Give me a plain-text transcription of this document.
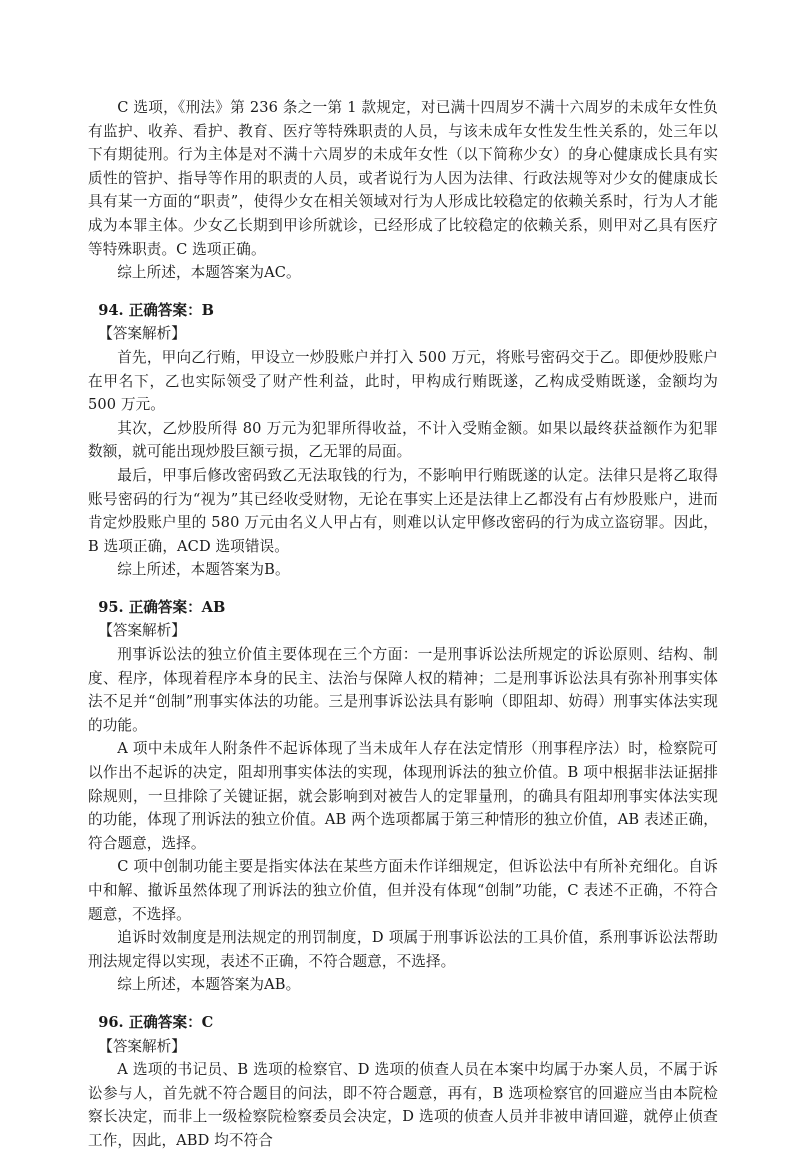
C 选项，《刑法》第 236 条之一第 1 款规定，对已满十四周岁不满十六周岁的未成年女性负有监护、收养、看护、教育、医疗等特殊职责的人员，与该未成年女性发生性关系的，处三年以下有期徒刑。行为主体是对不满十六周岁的未成年女性（以下简称少女）的身心健康成长具有实质性的管护、指导等作用的职责的人员，或者说行为人因为法律、行政法规等对少女的健康成长具有某一方面的“职责”，使得少女在相关领域对行为人形成比较稳定的依赖关系时，行为人才能成为本罪主体。少女乙长期到甲诊所就诊，已经形成了比较稳定的依赖关系，则甲对乙具有医疗等特殊职责。C 选项正确。

综上所述，本题答案为AC。

94. 正确答案：B

【答案解析】

首先，甲向乙行贿，甲设立一炒股账户并打入 500 万元，将账号密码交于乙。即便炒股账户在甲名下，乙也实际领受了财产性利益，此时，甲构成行贿既遂，乙构成受贿既遂，金额均为 500 万元。

其次，乙炒股所得 80 万元为犯罪所得收益，不计入受贿金额。如果以最终获益额作为犯罪数额，就可能出现炒股巨额亏损，乙无罪的局面。

最后，甲事后修改密码致乙无法取钱的行为，不影响甲行贿既遂的认定。法律只是将乙取得账号密码的行为“视为”其已经收受财物，无论在事实上还是法律上乙都没有占有炒股账户，进而肯定炒股账户里的 580 万元由名义人甲占有，则难以认定甲修改密码的行为成立盗窃罪。因此，B 选项正确，ACD 选项错误。

综上所述，本题答案为B。

95. 正确答案：AB

【答案解析】

刑事诉讼法的独立价值主要体现在三个方面：一是刑事诉讼法所规定的诉讼原则、结构、制度、程序，体现着程序本身的民主、法治与保障人权的精神；二是刑事诉讼法具有弥补刑事实体法不足并“创制”刑事实体法的功能。三是刑事诉讼法具有影响（即阻却、妨碍）刑事实体法实现的功能。

A 项中未成年人附条件不起诉体现了当未成年人存在法定情形（刑事程序法）时，检察院可以作出不起诉的决定，阻却刑事实体法的实现，体现刑诉法的独立价值。B 项中根据非法证据排除规则，一旦排除了关键证据，就会影响到对被告人的定罪量刑，的确具有阻却刑事实体法实现的功能，体现了刑诉法的独立价值。AB 两个选项都属于第三种情形的独立价值，AB 表述正确，符合题意，选择。

C 项中创制功能主要是指实体法在某些方面未作详细规定，但诉讼法中有所补充细化。自诉中和解、撤诉虽然体现了刑诉法的独立价值，但并没有体现“创制”功能，C 表述不正确，不符合题意，不选择。

追诉时效制度是刑法规定的刑罚制度，D 项属于刑事诉讼法的工具价值，系刑事诉讼法帮助刑法规定得以实现，表述不正确，不符合题意，不选择。

综上所述，本题答案为AB。

96. 正确答案：C

【答案解析】

A 选项的书记员、B 选项的检察官、D 选项的侦查人员在本案中均属于办案人员，不属于诉讼参与人，首先就不符合题目的问法，即不符合题意，再有，B 选项检察官的回避应当由本院检察长决定，而非上一级检察院检察委员会决定，D 选项的侦查人员并非被申请回避，就停止侦查工作，因此，ABD 均不符合
